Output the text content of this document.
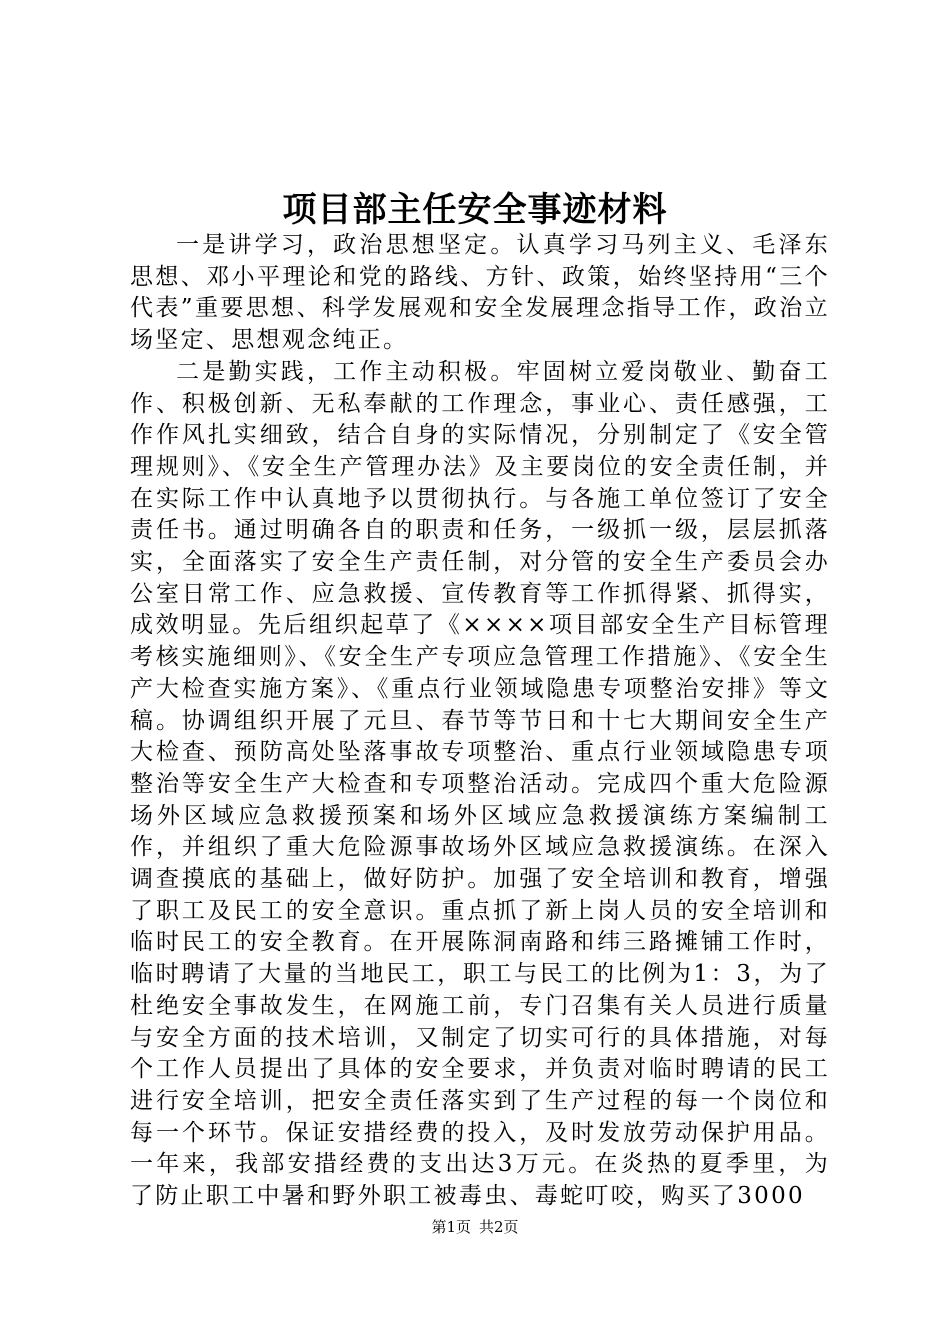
项目部主任安全事迹材料

一是讲学习，政治思想坚定。认真学习马列主义、毛泽东思想、邓小平理论和党的路线、方针、政策，始终坚持用“三个代表”重要思想、科学发展观和安全发展理念指导工作，政治立场坚定、思想观念纯正。

二是勤实践，工作主动积极。牢固树立爱岗敬业、勤奋工作、积极创新、无私奉献的工作理念，事业心、责任感强，工作作风扎实细致，结合自身的实际情况，分别制定了《安全管理规则》、《安全生产管理办法》及主要岗位的安全责任制，并在实际工作中认真地予以贯彻执行。与各施工单位签订了安全责任书。通过明确各自的职责和任务，一级抓一级，层层抓落实，全面落实了安全生产责任制，对分管的安全生产委员会办公室日常工作、应急救援、宣传教育等工作抓得紧、抓得实，成效明显。先后组织起草了《××××项目部安全生产目标管理考核实施细则》、《安全生产专项应急管理工作措施》、《安全生产大检查实施方案》、《重点行业领域隐患专项整治安排》等文稿。协调组织开展了元旦、春节等节日和十七大期间安全生产大检查、预防高处坠落事故专项整治、重点行业领域隐患专项整治等安全生产大检查和专项整治活动。完成四个重大危险源场外区域应急救援预案和场外区域应急救援演练方案编制工作，并组织了重大危险源事故场外区域应急救援演练。在深入调查摸底的基础上，做好防护。加强了安全培训和教育，增强了职工及民工的安全意识。重点抓了新上岗人员的安全培训和临时民工的安全教育。在开展陈洞南路和纬三路摊铺工作时，临时聘请了大量的当地民工，职工与民工的比例为1：3，为了杜绝安全事故发生，在网施工前，专门召集有关人员进行质量与安全方面的技术培训，又制定了切实可行的具体措施，对每个工作人员提出了具体的安全要求，并负责对临时聘请的民工进行安全培训，把安全责任落实到了生产过程的每一个岗位和每一个环节。保证安措经费的投入，及时发放劳动保护用品。一年来，我部安措经费的支出达3万元。在炎热的夏季里，为了防止职工中暑和野外职工被毒虫、毒蛇叮咬，购买了3000

第1页 共2页
